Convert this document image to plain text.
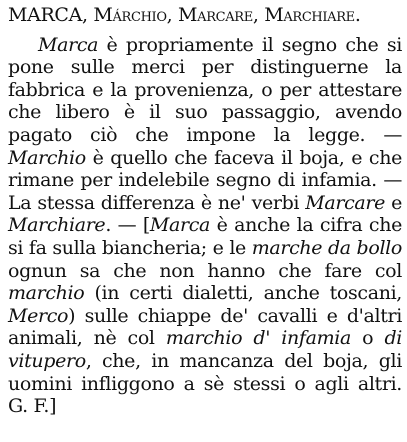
MARCA, Márchio, Marcare, Marchiare.

Marca è propriamente il segno che si pone sulle merci per distinguerne la fabbrica e la provenienza, o per attestare che libero è il suo passaggio, avendo pagato ciò che impone la legge. — Marchio è quello che faceva il boja, e che rimane per indelebile segno di infamia. — La stessa differenza è ne' verbi Marcare e Marchiare. — [Marca è anche la cifra che si fa sulla biancheria; e le marche da bollo ognun sa che non hanno che fare col marchio (in certi dialetti, anche toscani, Merco) sulle chiappe de' cavalli e d'altri animali, nè col marchio d' infamia o di vitupero, che, in mancanza del boja, gli uomini infliggono a sè stessi o agli altri. G. F.]
